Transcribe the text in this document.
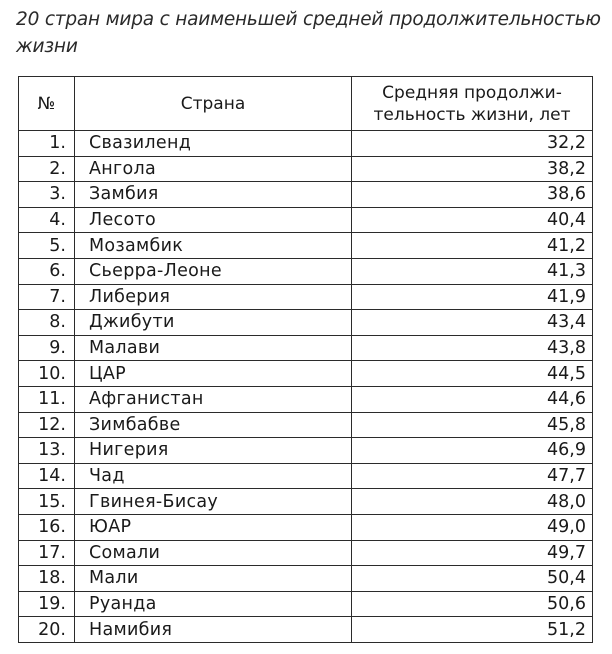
20 стран мира с наименьшей средней продолжительностью жизни
№	Страна	Средняя продолжи-тельность жизни, лет
1.	Свазиленд	32,2
2.	Ангола	38,2
3.	Замбия	38,6
4.	Лесото	40,4
5.	Мозамбик	41,2
6.	Сьерра-Леоне	41,3
7.	Либерия	41,9
8.	Джибути	43,4
9.	Малави	43,8
10.	ЦАР	44,5
11.	Афганистан	44,6
12.	Зимбабве	45,8
13.	Нигерия	46,9
14.	Чад	47,7
15.	Гвинея-Бисау	48,0
16.	ЮАР	49,0
17.	Сомали	49,7
18.	Мали	50,4
19.	Руанда	50,6
20.	Намибия	51,2
